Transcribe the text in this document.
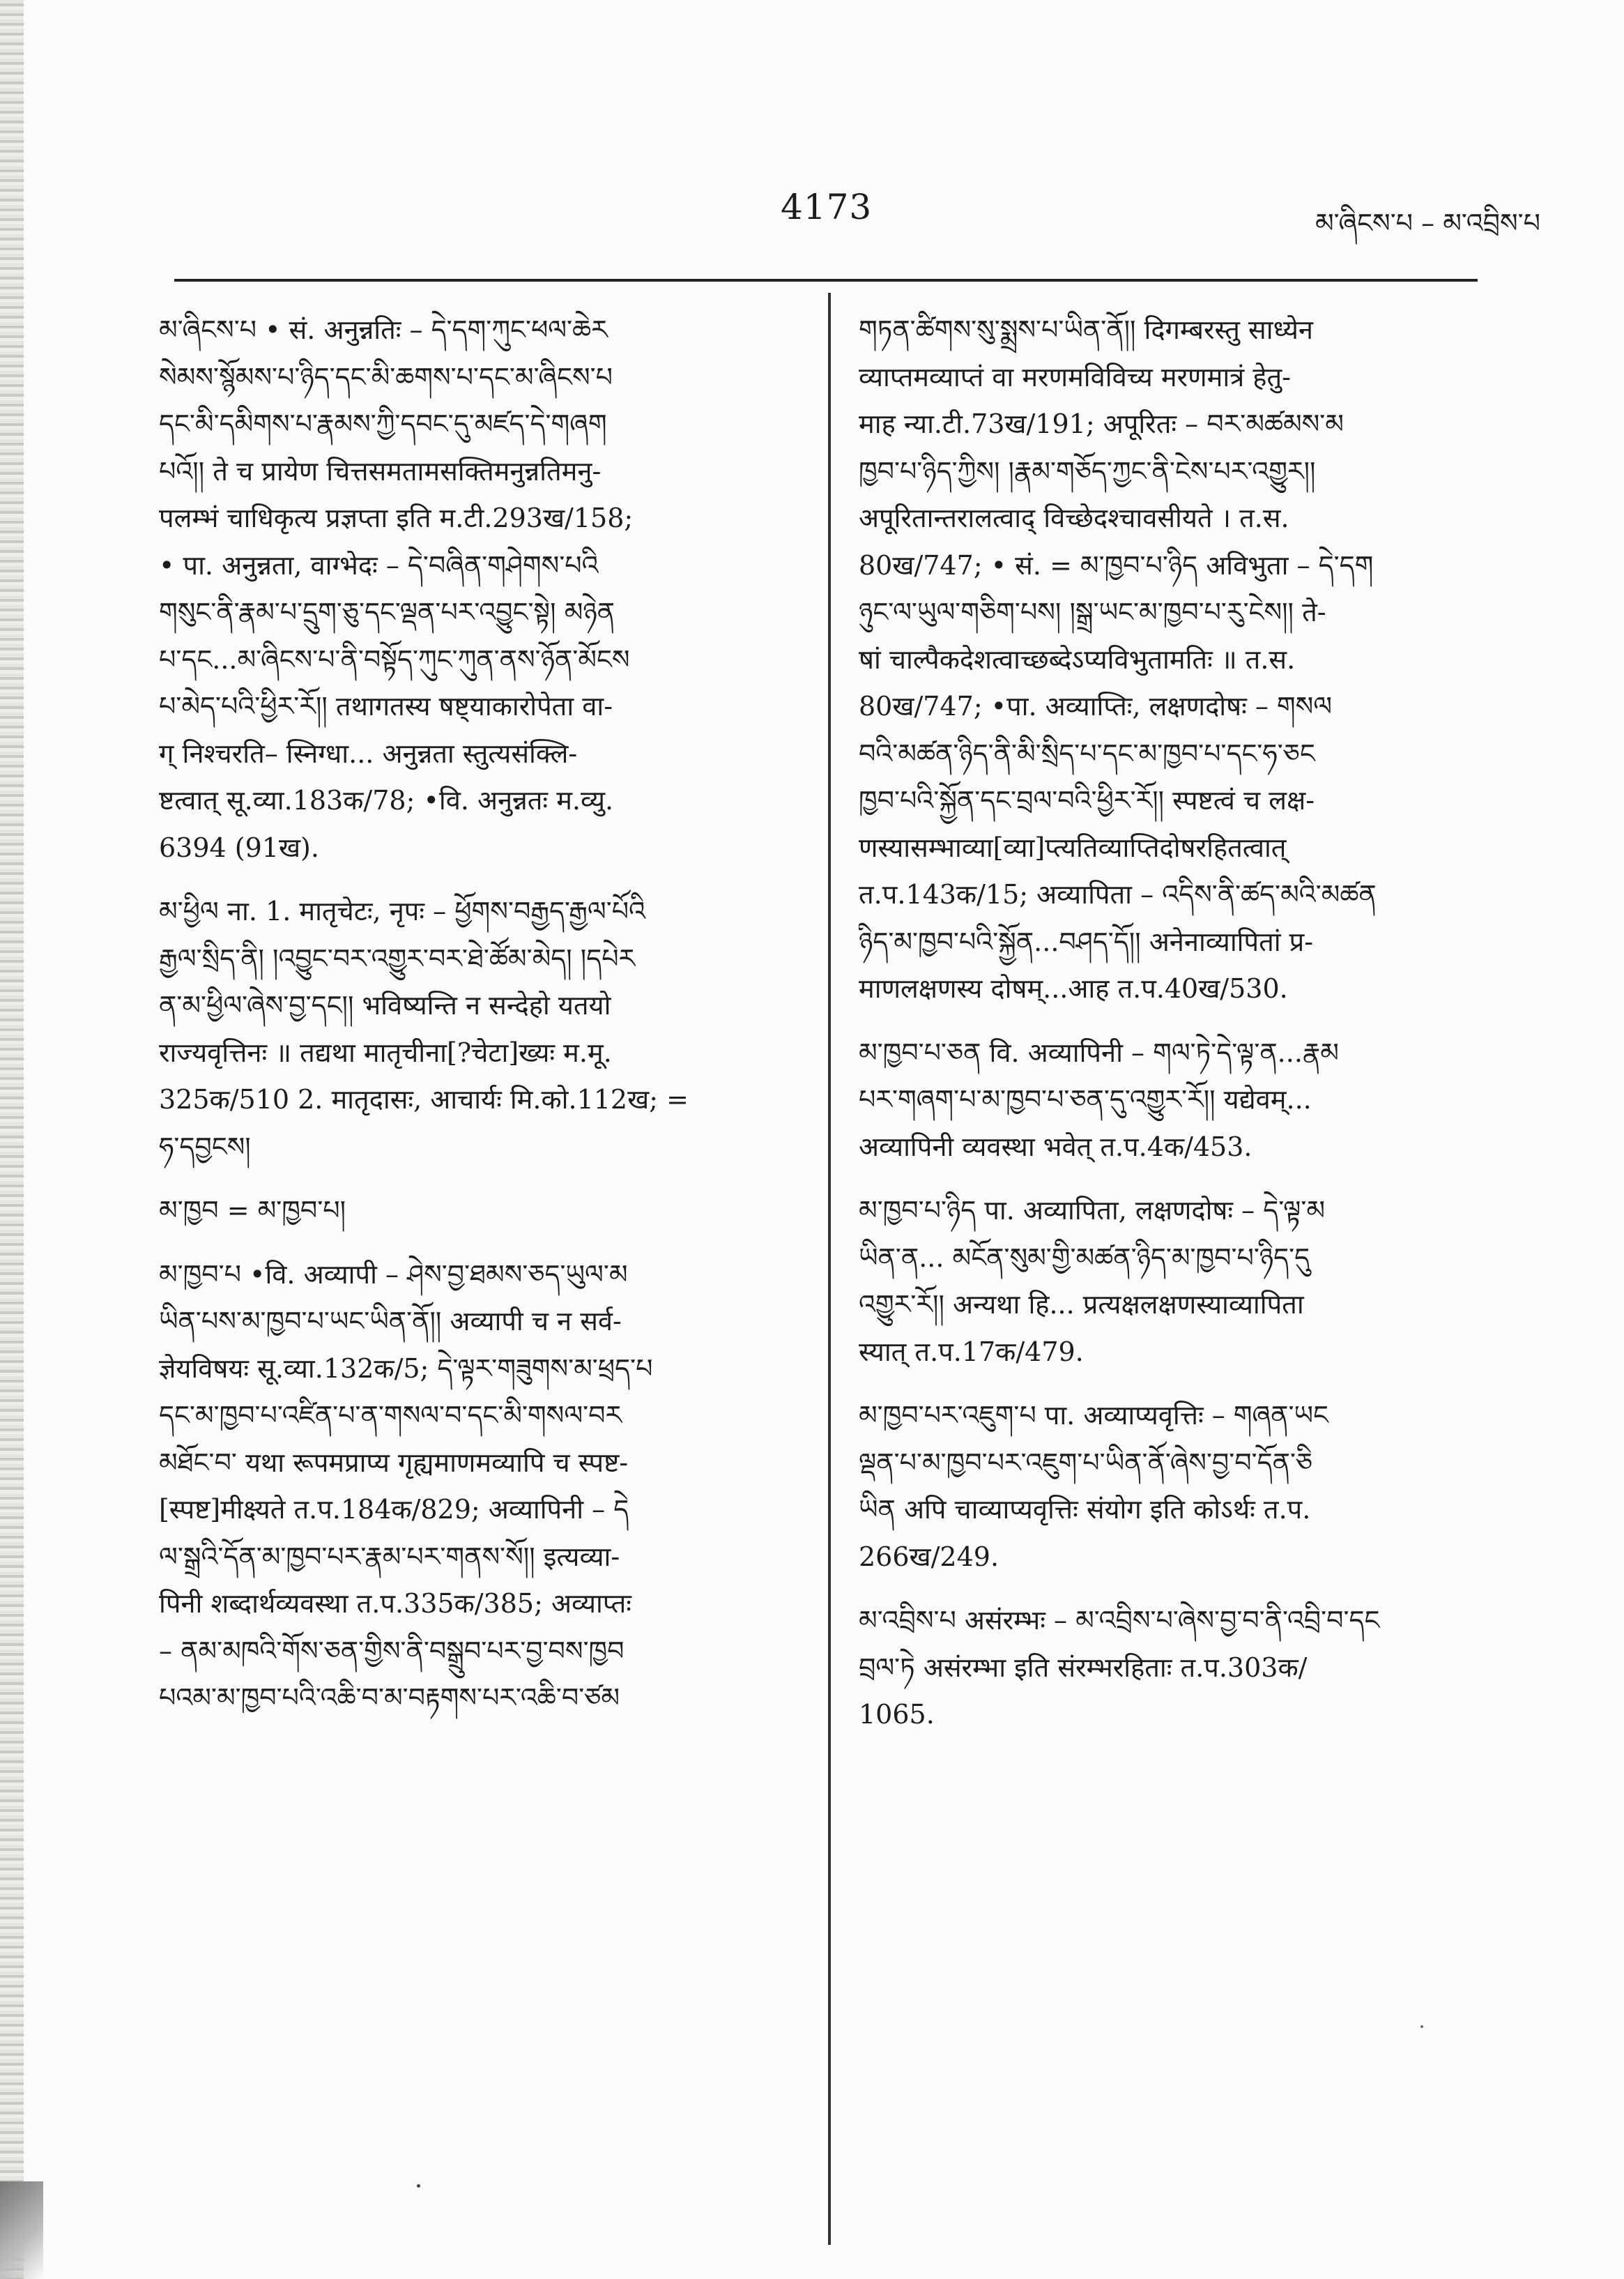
4173	མ་ཞིངས་པ – མ་འབྲིས་པ
མ་ཞིངས་པ • सं. अनुन्नतिः – དེ་དག་ཀུང་ཕལ་ཆེར
སེམས་སྙོམས་པ་ཉིད་དང་མི་ཆགས་པ་དང་མ་ཞིངས་པ
དང་མི་དམིགས་པ་རྣམས་ཀྱི་དབང་དུ་མཛད་དེ་གཞག
པའོ།། ते च प्रायेण चित्तसमतामसक्तिमनुन्नतिमनु-
पलम्भं चाधिकृत्य प्रज्ञप्ता इति म.टी.293ख/158;
• पा. अनुन्नता, वाग्भेदः – དེ་བཞིན་གཤེགས་པའི
གསུང་ནི་རྣམ་པ་དྲུག་ཅུ་དང་ལྡན་པར་འབྱུང་སྟེ། མཉེན
པ་དང...མ་ཞིངས་པ་ནི་བསྟོད་ཀུང་ཀུན་ནས་ཉོན་མོངས
པ་མེད་པའི་ཕྱིར་རོ།། तथागतस्य षष्ट्याकारोपेता वा-
ग् निश्चरति– स्निग्धा... अनुन्नता स्तुत्यसंक्लि-
ष्टत्वात् सू.व्या.183क/78; •वि. अनुन्नतः म.व्यु.
6394 (91ख).
མ་ཕྱིལ ना. 1. मातृचेटः, नृपः – ཕྱོགས་བརྒྱད་རྒྱལ་པོའི
རྒྱལ་སྲིད་ནི། །འབྱུང་བར་འགྱུར་བར་ཐེ་ཚོམ་མེད། །དཔེར
ན་མ་ཕྱིལ་ཞེས་བྱ་དང།། भविष्यन्ति न सन्देहो यतयो
राज्यवृत्तिनः ॥ तद्यथा मातृचीना[?चेटा]ख्यः म.मू.
325क/510 2. मातृदासः, आचार्यः मि.को.112ख; =
ཧ་དབྱངས།
མ་ཁྱབ = མ་ཁྱབ་པ།
མ་ཁྱབ་པ •वि. अव्यापी – ཤེས་བྱ་ཐམས་ཅད་ཡུལ་མ
ཡིན་པས་མ་ཁྱབ་པ་ཡང་ཡིན་ནོ།། अव्यापी च न सर्व-
ज्ञेयविषयः सू.व्या.132क/5; དེ་ལྟར་གཟུགས་མ་ཕྲད་པ
དང་མ་ཁྱབ་པ་འཛིན་པ་ན་གསལ་བ་དང་མི་གསལ་བར
མཐོང་བ་ यथा रूपमप्राप्य गृह्यमाणमव्यापि च स्पष्ट-
[स्पष्ट]मीक्ष्यते त.प.184क/829; अव्यापिनी – དེ
ལ་སྒྲའི་དོན་མ་ཁྱབ་པར་རྣམ་པར་གནས་སོ།། इत्यव्या-
पिनी शब्दार्थव्यवस्था त.प.335क/385; अव्याप्तः
– ནམ་མཁའི་གོས་ཅན་གྱིས་ནི་བསྒྲུབ་པར་བྱ་བས་ཁྱབ
པའམ་མ་ཁྱབ་པའི་འཆི་བ་མ་བརྟགས་པར་འཆི་བ་ཙམ
གཏན་ཚིགས་སུ་སྨྲས་པ་ཡིན་ནོ།། दिगम्बरस्तु साध्येन
व्याप्तमव्याप्तं वा मरणमविविच्य मरणमात्रं हेतु-
माह न्या.टी.73ख/191; अपूरितः – བར་མཚམས་མ
ཁྱབ་པ་ཉིད་ཀྱིས། །རྣམ་གཅོད་ཀྱང་ནི་ངེས་པར་འགྱུར།།
अपूरितान्तरालत्वाद् विच्छेदश्चावसीयते । त.स.
80ख/747; • सं. = མ་ཁྱབ་པ་ཉིད अविभुता – དེ་དག
ཉུང་ལ་ཡུལ་གཅིག་པས། །སྒྲ་ཡང་མ་ཁྱབ་པ་རུ་ངེས།། ते-
षां चाल्पैकदेशत्वाच्छब्देऽप्यविभुतामतिः ॥ त.स.
80ख/747; •पा. अव्याप्तिः, लक्षणदोषः – གསལ
བའི་མཚན་ཉིད་ནི་མི་སྲིད་པ་དང་མ་ཁྱབ་པ་དང་ཧ་ཅང
ཁྱབ་པའི་སྐྱོན་དང་བྲལ་བའི་ཕྱིར་རོ།། स्पष्टत्वं च लक्ष-
णस्यासम्भाव्या[व्या]प्त्यतिव्याप्तिदोषरहितत्वात्
त.प.143क/15; अव्यापिता – འདིས་ནི་ཚད་མའི་མཚན
ཉིད་མ་ཁྱབ་པའི་སྐྱོན...བཤད་དོ།། अनेनाव्यापितां प्र-
माणलक्षणस्य दोषम्...आह त.प.40ख/530.
མ་ཁྱབ་པ་ཅན वि. अव्यापिनी – གལ་ཏེ་དེ་ལྟ་ན...རྣམ
པར་གཞག་པ་མ་ཁྱབ་པ་ཅན་དུ་འགྱུར་རོ།། यद्येवम्...
अव्यापिनी व्यवस्था भवेत् त.प.4क/453.
མ་ཁྱབ་པ་ཉིད पा. अव्यापिता, लक्षणदोषः – དེ་ལྟ་མ
ཡིན་ན... མངོན་སུམ་གྱི་མཚན་ཉིད་མ་ཁྱབ་པ་ཉིད་དུ
འགྱུར་རོ།། अन्यथा हि... प्रत्यक्षलक्षणस्याव्यापिता
स्यात् त.प.17क/479.
མ་ཁྱབ་པར་འཇུག་པ पा. अव्याप्यवृत्तिः – གཞན་ཡང
ལྡན་པ་མ་ཁྱབ་པར་འཇུག་པ་ཡིན་ནོ་ཞེས་བྱ་བ་དོན་ཅི
ཡིན अपि चाव्याप्यवृत्तिः संयोग इति कोऽर्थः त.प.
266ख/249.
མ་འབྲིས་པ असंरम्भः – མ་འབྲིས་པ་ཞེས་བྱ་བ་ནི་འབྲི་བ་དང
བྲལ་ཏེ असंरम्भा इति संरम्भरहिताः त.प.303क/
1065.
